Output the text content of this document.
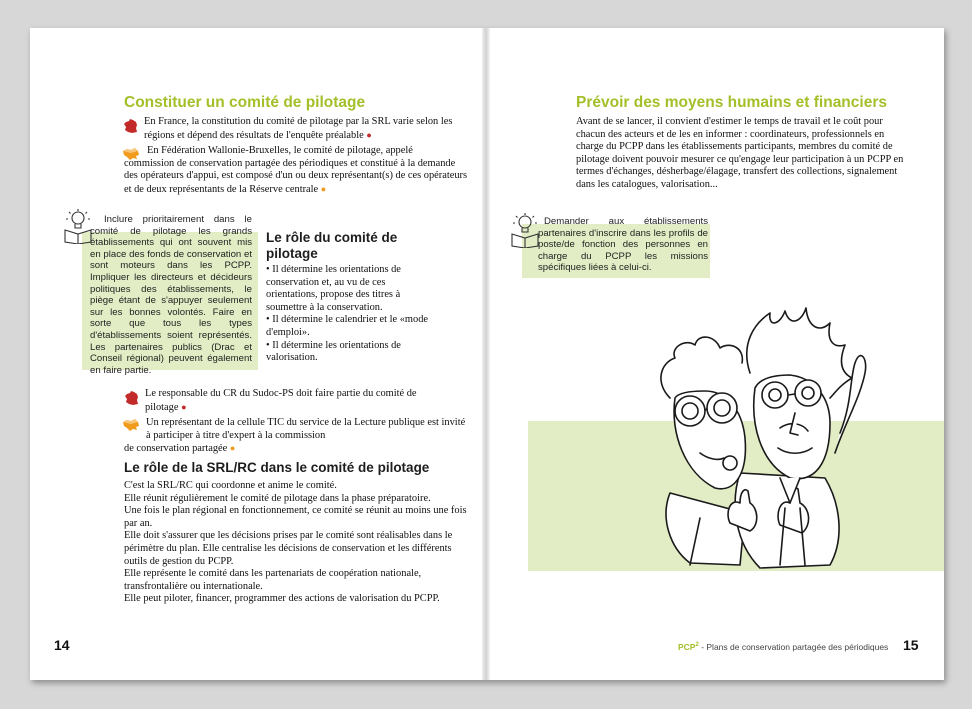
Constituer un comité de pilotage

En France, la constitution du comité de pilotage par la SRL varie selon les régions et dépend des résultats de l'enquête préalable ●

En Fédération Wallonie-Bruxelles, le comité de pilotage, appelé

commission de conservation partagée des périodiques et constitué à la demande des opérateurs d'appui, est composé d'un ou deux représentant(s) de ces opérateurs et de deux représentants de la Réserve centrale ●

Inclure prioritairement dans le comité de pilotage les grands établissements qui ont souvent mis en place des fonds de conservation et sont moteurs dans les PCPP. Impliquer les directeurs et décideurs politiques des établissements, le piège étant de s'appuyer seulement sur les bonnes volontés. Faire en sorte que tous les types d'établissements soient représentés. Les partenaires publics (Drac et Conseil régional) peuvent également en faire partie.

Le rôle du comité de pilotage

• Il détermine les orientations de conservation et, au vu de ces orientations, propose des titres à soumettre à la conservation.

• Il détermine le calendrier et le «mode d'emploi».

• Il détermine les orientations de valorisation.

Le responsable du CR du Sudoc-PS doit faire partie du comité de pilotage ●

Un représentant de la cellule TIC du service de la Lecture publique est invité à participer à titre d'expert à la commission

de conservation partagée ●

Le rôle de la SRL/RC dans le comité de pilotage

C'est la SRL/RC qui coordonne et anime le comité.

Elle réunit régulièrement le comité de pilotage dans la phase préparatoire.

Une fois le plan régional en fonctionnement, ce comité se réunit au moins une fois par an.

Elle doit s'assurer que les décisions prises par le comité sont réalisables dans le périmètre du plan. Elle centralise les décisions de conservation et les différents outils de gestion du PCPP.

Elle représente le comité dans les partenariats de coopération nationale, transfrontalière ou internationale.

Elle peut piloter, financer, programmer des actions de valorisation du PCPP.

14
Prévoir des moyens humains et financiers

Avant de se lancer, il convient d'estimer le temps de travail et le coût pour chacun des acteurs et de les en informer : coordinateurs, professionnels en charge du PCPP dans les établissements participants, membres du comité de pilotage doivent pouvoir mesurer ce qu'engage leur participation à un PCPP en termes d'échanges, désherbage/élagage, transfert des collections, signalement dans les catalogues, valorisation...

Demander aux établissements partenaires d'inscrire dans les profils de poste/de fonction des personnes en charge du PCPP les missions spécifiques liées à celui-ci.

PCP$^2$ - Plans de conservation partagée des périodiques 15
